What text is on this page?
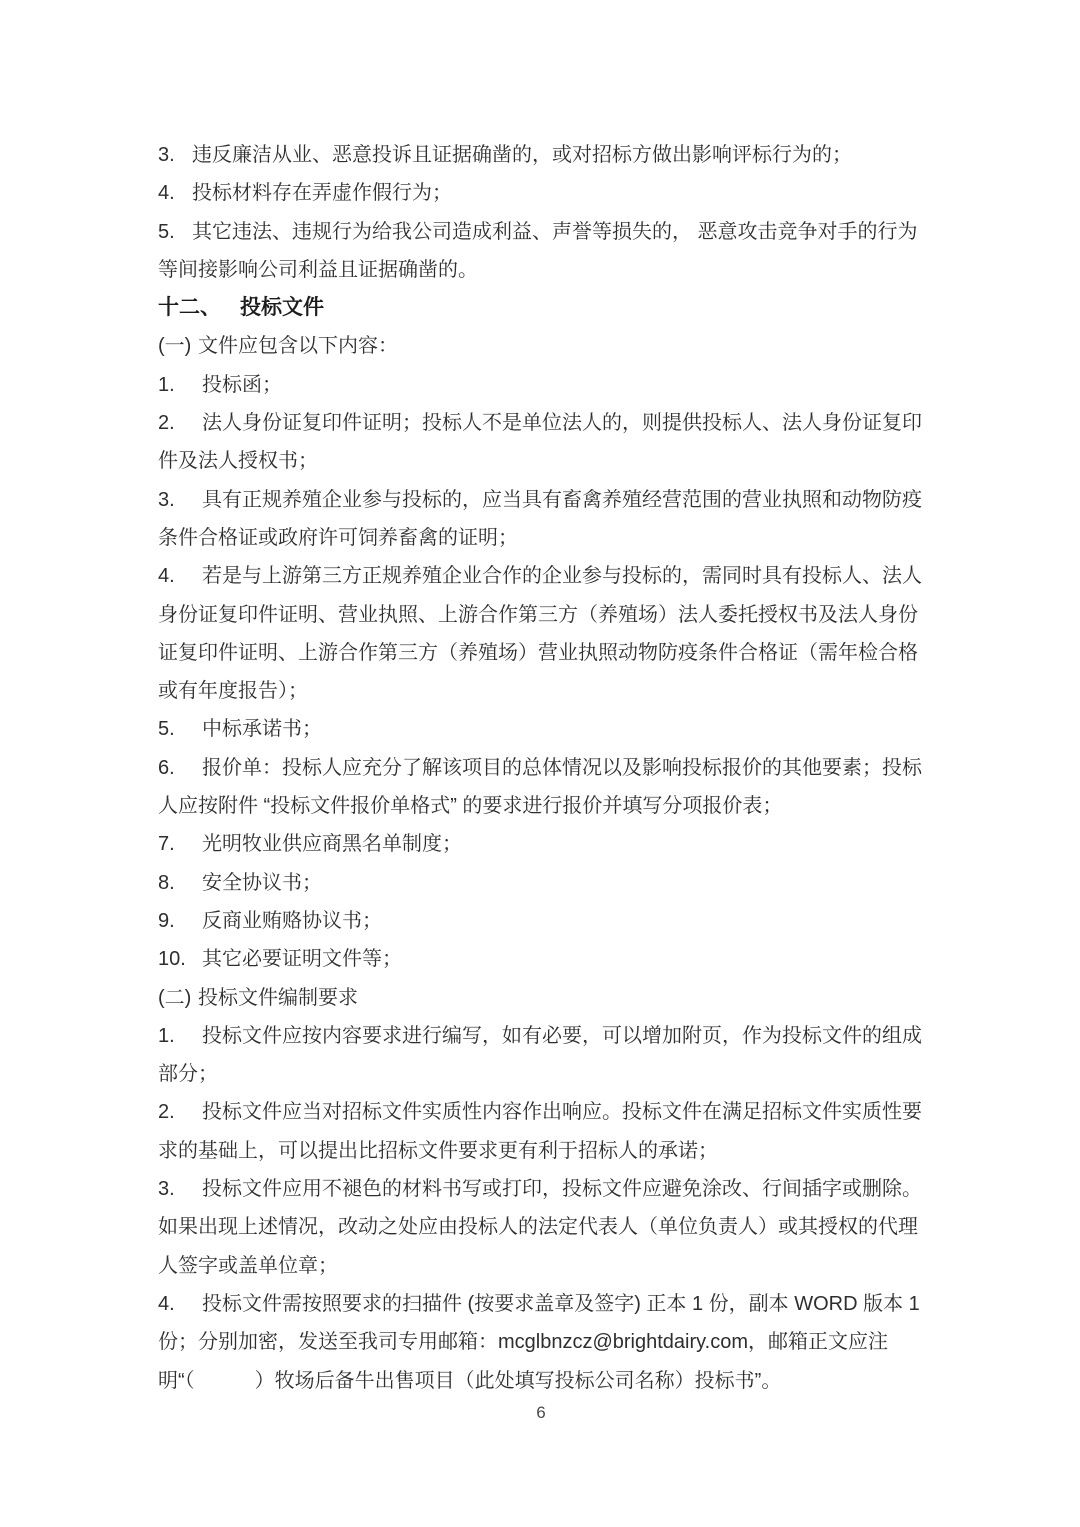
3. 违反廉洁从业、恶意投诉且证据确凿的，或对招标方做出影响评标行为的；
4. 投标材料存在弄虚作假行为；
5. 其它违法、违规行为给我公司造成利益、声誉等损失的， 恶意攻击竞争对手的行为
等间接影响公司利益且证据确凿的。
十二、 投标文件
(一) 文件应包含以下内容：
1. 投标函；
2. 法人身份证复印件证明；投标人不是单位法人的，则提供投标人、法人身份证复印
件及法人授权书；
3. 具有正规养殖企业参与投标的，应当具有畜禽养殖经营范围的营业执照和动物防疫
条件合格证或政府许可饲养畜禽的证明；
4. 若是与上游第三方正规养殖企业合作的企业参与投标的，需同时具有投标人、法人
身份证复印件证明、营业执照、上游合作第三方（养殖场）法人委托授权书及法人身份
证复印件证明、上游合作第三方（养殖场）营业执照动物防疫条件合格证（需年检合格
或有年度报告）；
5. 中标承诺书；
6. 报价单：投标人应充分了解该项目的总体情况以及影响投标报价的其他要素；投标
人应按附件 “投标文件报价单格式” 的要求进行报价并填写分项报价表；
7. 光明牧业供应商黑名单制度；
8. 安全协议书；
9. 反商业贿赂协议书；
10. 其它必要证明文件等；
(二) 投标文件编制要求
1. 投标文件应按内容要求进行编写，如有必要，可以增加附页，作为投标文件的组成
部分；
2. 投标文件应当对招标文件实质性内容作出响应。投标文件在满足招标文件实质性要
求的基础上，可以提出比招标文件要求更有利于招标人的承诺；
3. 投标文件应用不褪色的材料书写或打印，投标文件应避免涂改、行间插字或删除。
如果出现上述情况，改动之处应由投标人的法定代表人（单位负责人）或其授权的代理
人签字或盖单位章；
4. 投标文件需按照要求的扫描件 (按要求盖章及签字) 正本 1 份，副本 WORD 版本 1
份；分别加密，发送至我司专用邮箱：mcglbnzcz@brightdairy.com，邮箱正文应注
明“（　　　）牧场后备牛出售项目（此处填写投标公司名称）投标书”。
6
